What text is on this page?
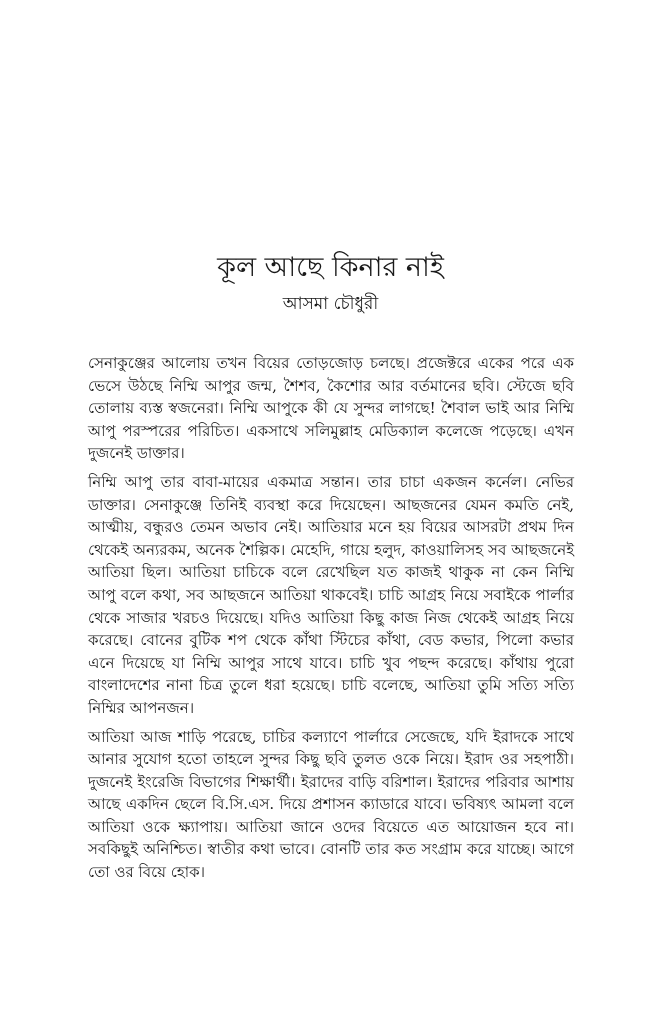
কূল আছে কিনার নাই
আসমা চৌধুরী

সেনাকুঞ্জের আলোয় তখন বিয়ের তোড়জোড় চলছে। প্রজেক্টরে একের পরে এক ভেসে উঠছে নিম্মি আপুর জন্ম, শৈশব, কৈশোর আর বর্তমানের ছবি। স্টেজে ছবি তোলায় ব্যস্ত স্বজনেরা। নিম্মি আপুকে কী যে সুন্দর লাগছে! শৈবাল ভাই আর নিম্মি আপু পরস্পরের পরিচিত। একসাথে সলিমুল্লাহ মেডিক্যাল কলেজে পড়েছে। এখন দুজনেই ডাক্তার।

নিম্মি আপু তার বাবা-মায়ের একমাত্র সন্তান। তার চাচা একজন কর্নেল। নেভির ডাক্তার। সেনাকুঞ্জে তিনিই ব্যবস্থা করে দিয়েছেন। আছজনের যেমন কমতি নেই, আত্মীয়, বন্ধুরও তেমন অভাব নেই। আতিয়ার মনে হয় বিয়ের আসরটা প্রথম দিন থেকেই অন্যরকম, অনেক শৈল্পিক। মেহেদি, গায়ে হলুদ, কাওয়ালিসহ সব আছজনেই আতিয়া ছিল। আতিয়া চাচিকে বলে রেখেছিল যত কাজই থাকুক না কেন নিম্মি আপু বলে কথা, সব আছজনে আতিয়া থাকবেই। চাচি আগ্রহ নিয়ে সবাইকে পার্লার থেকে সাজার খরচও দিয়েছে। যদিও আতিয়া কিছু কাজ নিজ থেকেই আগ্রহ নিয়ে করেছে। বোনের বুটিক শপ থেকে কাঁথা স্টিচের কাঁথা, বেড কভার, পিলো কভার এনে দিয়েছে যা নিম্মি আপুর সাথে যাবে। চাচি খুব পছন্দ করেছে। কাঁথায় পুরো বাংলাদেশের নানা চিত্র তুলে ধরা হয়েছে। চাচি বলেছে, আতিয়া তুমি সত্যি সত্যি নিম্মির আপনজন।

আতিয়া আজ শাড়ি পরেছে, চাচির কল্যাণে পার্লারে সেজেছে, যদি ইরাদকে সাথে আনার সুযোগ হতো তাহলে সুন্দর কিছু ছবি তুলত ওকে নিয়ে। ইরাদ ওর সহপাঠী। দুজনেই ইংরেজি বিভাগের শিক্ষার্থী। ইরাদের বাড়ি বরিশাল। ইরাদের পরিবার আশায় আছে একদিন ছেলে বি.সি.এস. দিয়ে প্রশাসন ক্যাডারে যাবে। ভবিষ্যৎ আমলা বলে আতিয়া ওকে ক্ষ্যাপায়। আতিয়া জানে ওদের বিয়েতে এত আয়োজন হবে না। সবকিছুই অনিশ্চিত। স্বাতীর কথা ভাবে। বোনটি তার কত সংগ্রাম করে যাচ্ছে। আগে তো ওর বিয়ে হোক।
